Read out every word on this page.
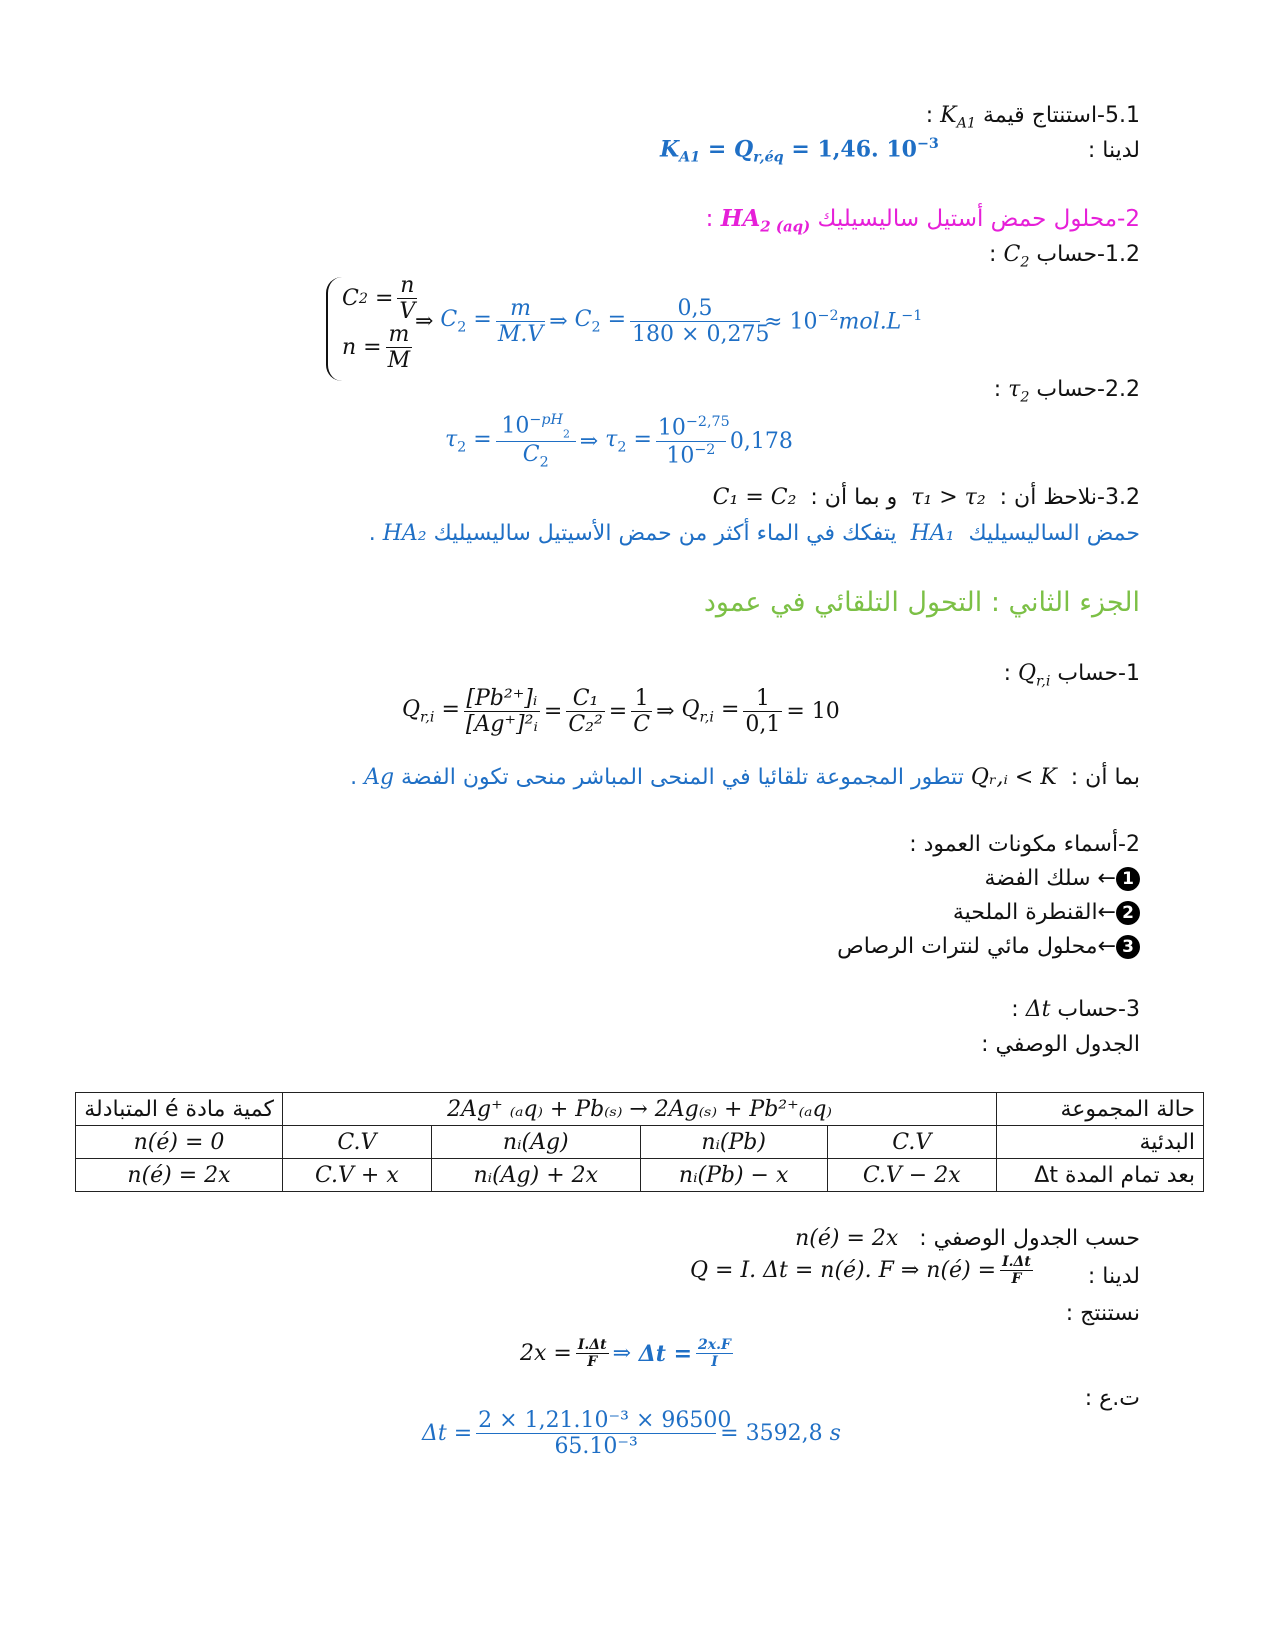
5.1-استنتاج قيمة $K_{A1}$ :
لدينا :
$K_{A1} = Q_{r,éq} = 1,46$. $10^{-3}$
2-محلول حمض أستيل ساليسيليك $HA_{2 (aq)}$ :
1.2-حساب $C_2$ :
C $2 = \frac{n}{V}$
$n = \frac{m}{M}$
⇒ $C_2 = \frac{m}{M.V}$ ⇒ $C_2 = \frac{0,5}{180 \times 0,275} \approx 10^{-2}mol.L^{-1}$
2.2-حساب $\tau_2$ :
$\tau_2 = \frac{10^{-pH}_2}{C_2}$ ⇒ $\tau_2 = \frac{10^{-2,75}}{10^{-2}} 0,178$
3.2-نلاحظ أن :  τ₁ > τ₂  و بما أن :  C₁ = C₂
حمض الساليسيليك  HA₁  يتفكك في الماء أكثر من حمض الأسيتيل ساليسيليك HA₂ .
الجزء الثاني : التحول التلقائي في عمود
1-حساب $Q_{r,i}$ :
$Q_{r,i} = \frac{\text{[Pb²⁺]ᵢ}}{\text{[Ag⁺]²ᵢ}} = \frac{\text{C₁}}{\text{C₂²}} = \frac{1}{C}$ ⇒ $Q_{r,i} = \frac{1}{0,1} = 10$
بما أن :  Qᵣ,ᵢ < K تتطور المجموعة تلقائيا في المنحى المباشر منحى تكون الفضة Ag .
2-أسماء مكونات العمود :
1← سلك الفضة
2←القنطرة الملحية
3←محلول مائي لنترات الرصاص
3-حساب Δt :
الجدول الوصفي :
كمية مادة é المتبادلة	2Ag⁺ ₍ₐq₎ + Pb₍ₛ₎ → 2Ag₍ₛ₎ + Pb²⁺₍ₐq₎				حالة المجموعة
n(é) = 0	C.V	nᵢ(Ag)	nᵢ(Pb)	C.V	البدئية
n(é) = 2x	C.V + x	nᵢ(Ag) + 2x	nᵢ(Pb) − x	C.V − 2x	بعد تمام المدة Δt
حسب الجدول الوصفي :   n(é) = 2x
لدينا :
Q = I. Δt = n(é). F ⇒ n(é) = $\frac{I.\Delta t}{F}$
نستنتج :
$2x = \frac{I.\Delta t}{F}$ ⇒ $\Delta t = \frac{2x.F}{I}$
ت.ع :
$\Delta t = \frac{\text{2 × 1,21.10⁻³ × 96500}}{\text{65.10⁻³}} = 3592,8$
s
